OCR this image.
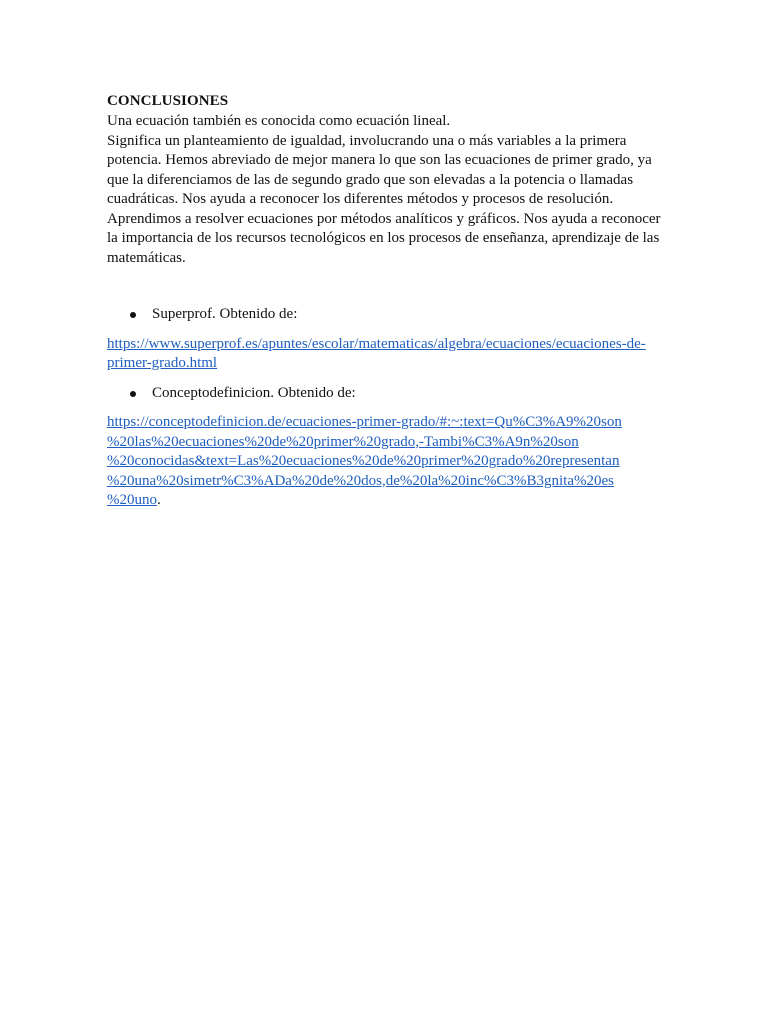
CONCLUSIONES

Una ecuación también es conocida como ecuación lineal.

Significa un planteamiento de igualdad, involucrando una o más variables a la primera potencia. Hemos abreviado de mejor manera lo que son las ecuaciones de primer grado, ya que la diferenciamos de las de segundo grado que son elevadas a la potencia o llamadas cuadráticas. Nos ayuda a reconocer los diferentes métodos y procesos de resolución. Aprendimos a resolver ecuaciones por métodos analíticos y gráficos. Nos ayuda a reconocer la importancia de los recursos tecnológicos en los procesos de enseñanza, aprendizaje de las matemáticas.

Superprof. Obtenido de:

https://www.superprof.es/apuntes/escolar/matematicas/algebra/ecuaciones/ecuaciones-de-
primer-grado.html

Conceptodefinicion. Obtenido de:

https://conceptodefinicion.de/ecuaciones-primer-grado/#:~:text=Qu%C3%A9%20son
%20las%20ecuaciones%20de%20primer%20grado,-Tambi%C3%A9n%20son
%20conocidas&text=Las%20ecuaciones%20de%20primer%20grado%20representan
%20una%20simetr%C3%ADa%20de%20dos,de%20la%20inc%C3%B3gnita%20es
%20uno.
